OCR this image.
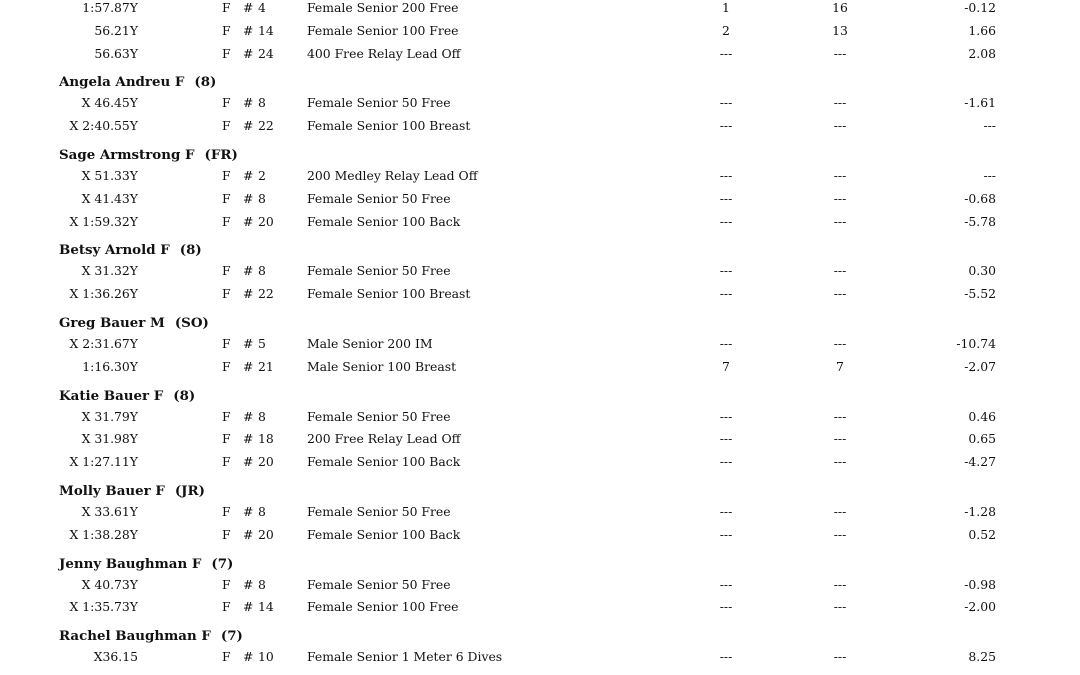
1:57.87Y	F # 4	Female Senior 200 Free	1	16	-0.12
56.21Y	F # 14	Female Senior 100 Free	2	13	1.66
56.63Y	F # 24	400 Free Relay Lead Off	---	---	2.08
Angela Andreu F (8)
X 46.45Y	F # 8	Female Senior 50 Free	---	---	-1.61
X 2:40.55Y	F # 22	Female Senior 100 Breast	---	---	---
Sage Armstrong F (FR)
X 51.33Y	F # 2	200 Medley Relay Lead Off	---	---	---
X 41.43Y	F # 8	Female Senior 50 Free	---	---	-0.68
X 1:59.32Y	F # 20	Female Senior 100 Back	---	---	-5.78
Betsy Arnold F (8)
X 31.32Y	F # 8	Female Senior 50 Free	---	---	0.30
X 1:36.26Y	F # 22	Female Senior 100 Breast	---	---	-5.52
Greg Bauer M (SO)
X 2:31.67Y	F # 5	Male Senior 200 IM	---	---	-10.74
1:16.30Y	F # 21	Male Senior 100 Breast	7	7	-2.07
Katie Bauer F (8)
X 31.79Y	F # 8	Female Senior 50 Free	---	---	0.46
X 31.98Y	F # 18	200 Free Relay Lead Off	---	---	0.65
X 1:27.11Y	F # 20	Female Senior 100 Back	---	---	-4.27
Molly Bauer F (JR)
X 33.61Y	F # 8	Female Senior 50 Free	---	---	-1.28
X 1:38.28Y	F # 20	Female Senior 100 Back	---	---	0.52
Jenny Baughman F (7)
X 40.73Y	F # 8	Female Senior 50 Free	---	---	-0.98
X 1:35.73Y	F # 14	Female Senior 100 Free	---	---	-2.00
Rachel Baughman F (7)
X36.15	F # 10	Female Senior 1 Meter 6 Dives	---	---	8.25
